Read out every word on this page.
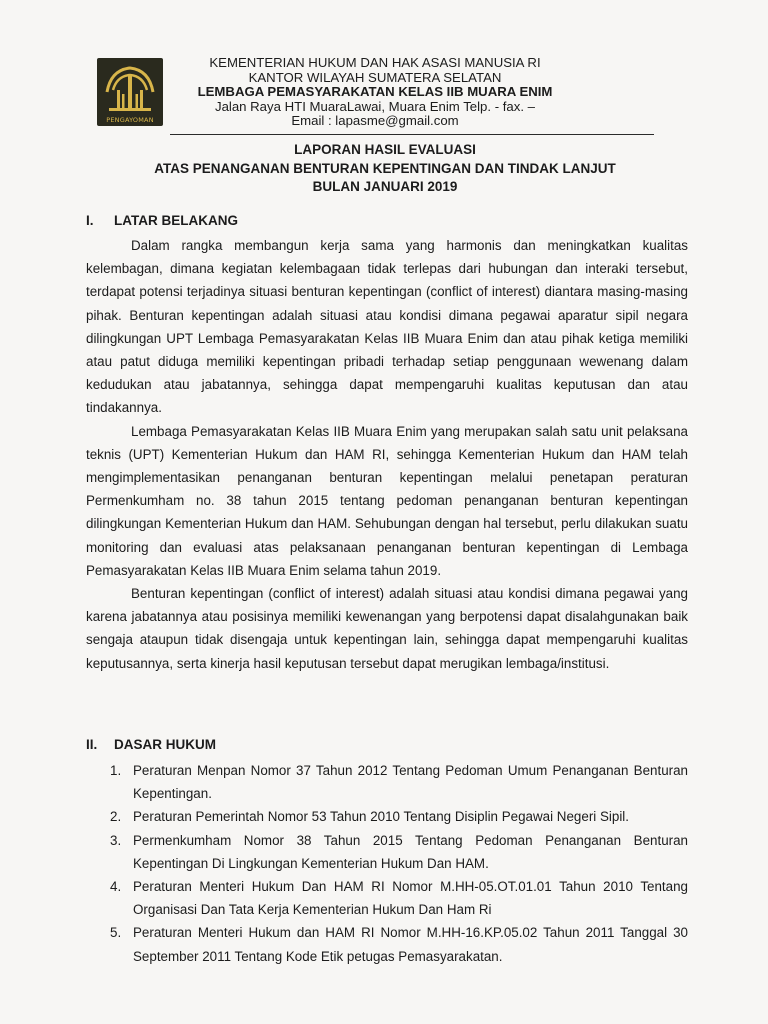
PENGAYOMAN
KEMENTERIAN HUKUM DAN HAK ASASI MANUSIA RI
KANTOR WILAYAH SUMATERA SELATAN
LEMBAGA PEMASYARAKATAN KELAS IIB MUARA ENIM
Jalan Raya HTI MuaraLawai, Muara Enim Telp. - fax. –
Email : lapasme@gmail.com
LAPORAN HASIL EVALUASI
ATAS PENANGANAN BENTURAN KEPENTINGAN DAN TINDAK LANJUT
BULAN JANUARI 2019
I. LATAR BELAKANG

Dalam rangka membangun kerja sama yang harmonis dan meningkatkan kualitas kelembagan, dimana kegiatan kelembagaan tidak terlepas dari hubungan dan interaki tersebut, terdapat potensi terjadinya situasi benturan kepentingan (conflict of interest) diantara masing-masing pihak. Benturan kepentingan adalah situasi atau kondisi dimana pegawai aparatur sipil negara dilingkungan UPT Lembaga Pemasyarakatan Kelas IIB Muara Enim dan atau pihak ketiga memiliki atau patut diduga memiliki kepentingan pribadi terhadap setiap penggunaan wewenang dalam kedudukan atau jabatannya, sehingga dapat mempengaruhi kualitas keputusan dan atau tindakannya.

Lembaga Pemasyarakatan Kelas IIB Muara Enim yang merupakan salah satu unit pelaksana teknis (UPT) Kementerian Hukum dan HAM RI, sehingga Kementerian Hukum dan HAM telah mengimplementasikan penanganan benturan kepentingan melalui penetapan peraturan Permenkumham no. 38 tahun 2015 tentang pedoman penanganan benturan kepentingan dilingkungan Kementerian Hukum dan HAM. Sehubungan dengan hal tersebut, perlu dilakukan suatu monitoring dan evaluasi atas pelaksanaan penanganan benturan kepentingan di Lembaga Pemasyarakatan Kelas IIB Muara Enim selama tahun 2019.

Benturan kepentingan (conflict of interest) adalah situasi atau kondisi dimana pegawai yang karena jabatannya atau posisinya memiliki kewenangan yang berpotensi dapat disalahgunakan baik sengaja ataupun tidak disengaja untuk kepentingan lain, sehingga dapat mempengaruhi kualitas keputusannya, serta kinerja hasil keputusan tersebut dapat merugikan lembaga/institusi.

II. DASAR HUKUM
1. Peraturan Menpan Nomor 37 Tahun 2012 Tentang Pedoman Umum Penanganan Benturan Kepentingan.
2. Peraturan Pemerintah Nomor 53 Tahun 2010 Tentang Disiplin Pegawai Negeri Sipil.
3. Permenkumham Nomor 38 Tahun 2015 Tentang Pedoman Penanganan Benturan Kepentingan Di Lingkungan Kementerian Hukum Dan HAM.
4. Peraturan Menteri Hukum Dan HAM RI Nomor M.HH-05.OT.01.01 Tahun 2010 Tentang Organisasi Dan Tata Kerja Kementerian Hukum Dan Ham Ri
5. Peraturan Menteri Hukum dan HAM RI Nomor M.HH-16.KP.05.02 Tahun 2011 Tanggal 30 September 2011 Tentang Kode Etik petugas Pemasyarakatan.
